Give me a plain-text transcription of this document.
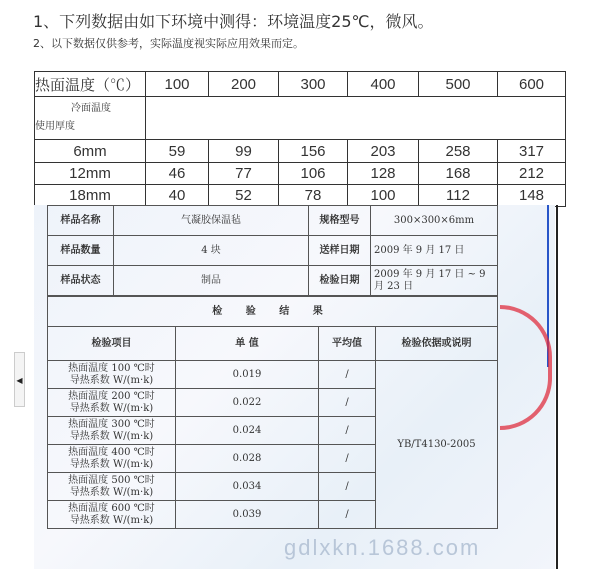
1、下列数据由如下环境中测得：环境温度25℃，微风。
2、以下数据仅供参考，实际温度视实际应用效果而定。
热面温度（℃）	100	200	300	400	500	600

冷面温度
使用厚度						

6mm	59	99	156	203	258	317
12mm	46	77	106	128	168	212
18mm	40	52	78	100	112	148
样品名称	气凝胶保温毡	规格型号	300×300×6mm
样品数量	4 块	送样日期	2009 年 9 月 17 日
样品状态	制品	检验日期	2009 年 9 月 17 日 ~ 9 月 23 日
检 验 结 果			
检验项目	单 值	平均值	检验依据或说明

热面温度 100 ℃时
导热系数 W/(m·k)	0.019	/	YB/T4130-2005

热面温度 200 ℃时
导热系数 W/(m·k)	0.022	/	

热面温度 300 ℃时
导热系数 W/(m·k)	0.024	/	

热面温度 400 ℃时
导热系数 W/(m·k)	0.028	/	

热面温度 500 ℃时
导热系数 W/(m·k)	0.034	/	

热面温度 600 ℃时
导热系数 W/(m·k)	0.039	/	
gdlxkn.1688.com
◀
